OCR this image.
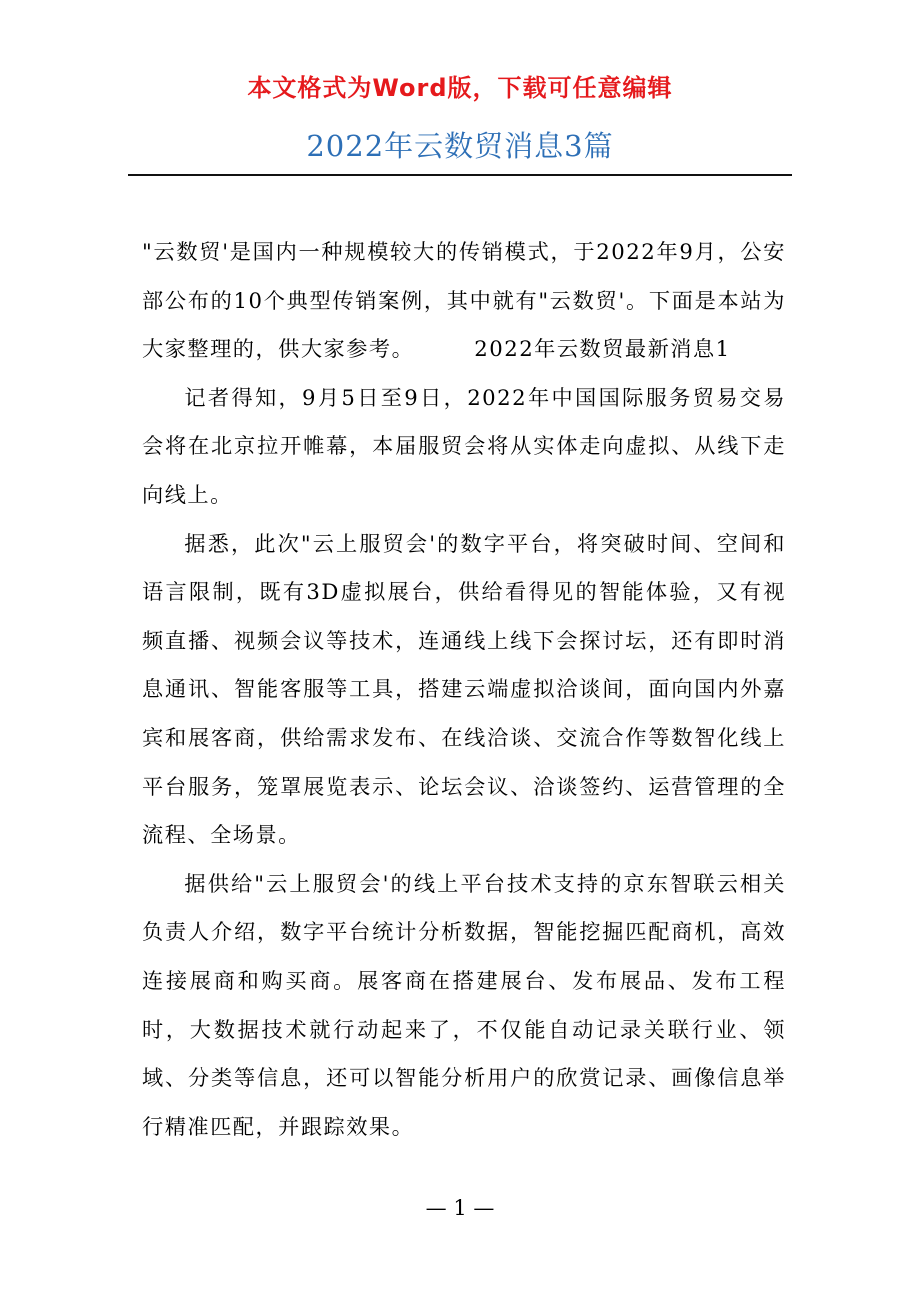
本文格式为Word版，下载可任意编辑
2022年云数贸消息3篇

"云数贸'是国内一种规模较大的传销模式，于2022年9月，公安部公布的10个典型传销案例，其中就有"云数贸'。下面是本站为大家整理的，供大家参考。	2022年云数贸最新消息1

记者得知，9月5日至9日，2022年中国国际服务贸易交易会将在北京拉开帷幕，本届服贸会将从实体走向虚拟、从线下走向线上。

据悉，此次"云上服贸会'的数字平台，将突破时间、空间和语言限制，既有3D虚拟展台，供给看得见的智能体验，又有视频直播、视频会议等技术，连通线上线下会探讨坛，还有即时消息通讯、智能客服等工具，搭建云端虚拟洽谈间，面向国内外嘉宾和展客商，供给需求发布、在线洽谈、交流合作等数智化线上平台服务，笼罩展览表示、论坛会议、洽谈签约、运营管理的全流程、全场景。

据供给"云上服贸会'的线上平台技术支持的京东智联云相关负责人介绍，数字平台统计分析数据，智能挖掘匹配商机，高效连接展商和购买商。展客商在搭建展台、发布展品、发布工程时，大数据技术就行动起来了，不仅能自动记录关联行业、领域、分类等信息，还可以智能分析用户的欣赏记录、画像信息举行精准匹配，并跟踪效果。

— 1 —
